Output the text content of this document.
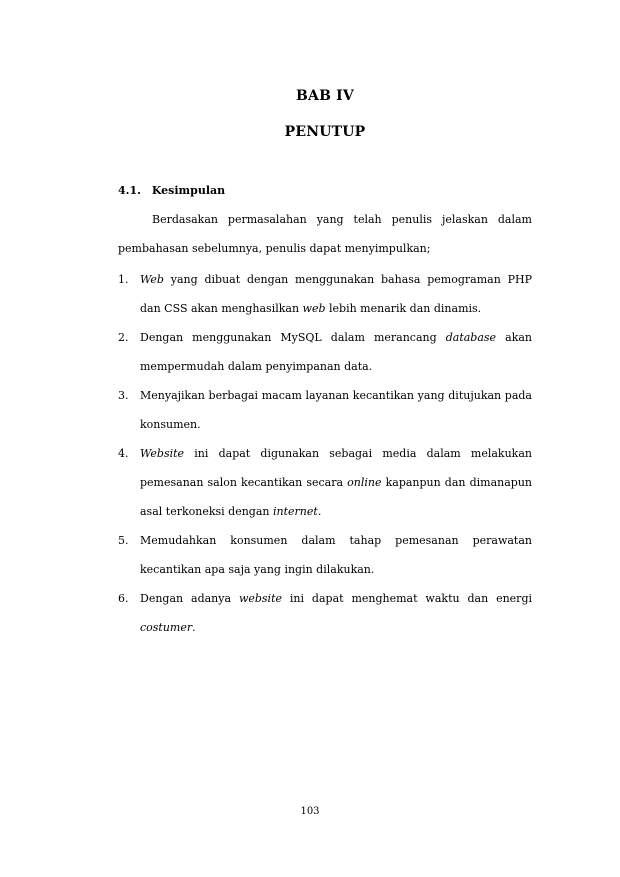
BAB IV
PENUTUP
4.1. Kesimpulan
Berdasakan permasalahan yang telah penulis jelaskan dalam pembahasan sebelumnya, penulis dapat menyimpulkan;
1. Web yang dibuat dengan menggunakan bahasa pemograman PHP dan CSS akan menghasilkan web lebih menarik dan dinamis.
2. Dengan menggunakan MySQL dalam merancang database akan mempermudah dalam penyimpanan data.
3. Menyajikan berbagai macam layanan kecantikan yang ditujukan pada konsumen.
4. Website ini dapat digunakan sebagai media dalam melakukan pemesanan salon kecantikan secara online kapanpun dan dimanapun asal terkoneksi dengan internet.
5. Memudahkan konsumen dalam tahap pemesanan perawatan kecantikan apa saja yang ingin dilakukan.
6. Dengan adanya website ini dapat menghemat waktu dan energi costumer.
103
